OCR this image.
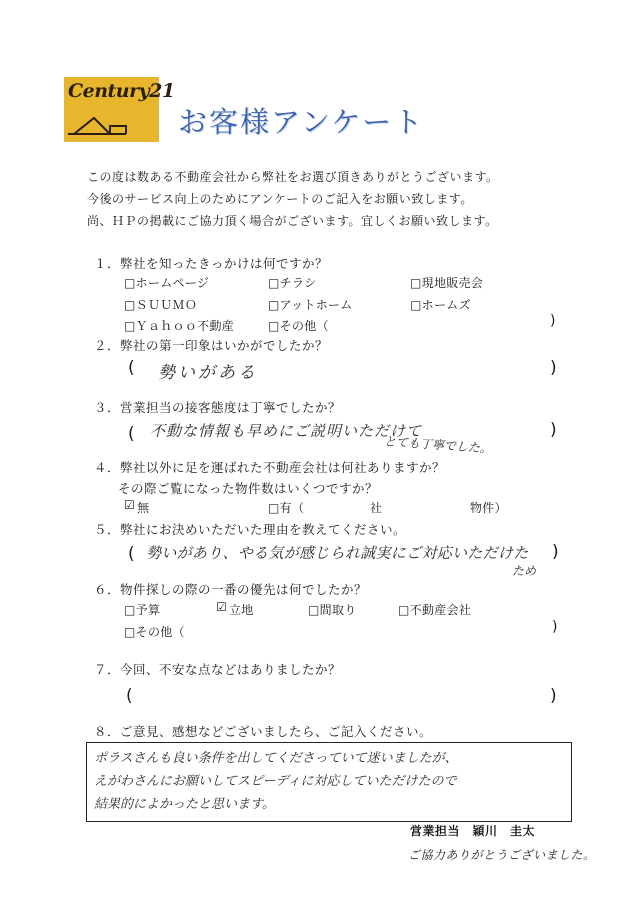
Century21
お客様アンケート
この度は数ある不動産会社から弊社をお選び頂きありがとうございます。
今後のサービス向上のためにアンケートのご記入をお願い致します。
尚、ＨＰの掲載にご協力頂く場合がございます。宜しくお願い致します。
１．弊社を知ったきっかけは何ですか？
□ホームページ	□チラシ	□現地販売会
□ＳＵＵＭＯ	□アットホーム	□ホームズ
□Ｙａｈｏｏ不動産	□その他（	)
２．弊社の第一印象はいかがでしたか？
( 勢いがある	)
３．営業担当の接客態度は丁寧でしたか？
( 不動な情報も早めにご説明いただけて
とても丁寧でした。
)
４．弊社以外に足を運ばれた不動産会社は何社ありますか？
その際ご覧になった物件数はいくつですか？
☑ 無	□有（	社	物件）
５．弊社にお決めいただいた理由を教えてください。
( 勢いがあり、やる気が感じられ誠実にご対応いただけた
ため
)
６．物件探しの際の一番の優先は何でしたか？
□予算	☑ 立地	□間取り	□不動産会社
□その他（	)
７．今回、不安な点などはありましたか？
(	)
８．ご意見、感想などございましたら、ご記入ください。
ポラスさんも良い条件を出してくださっていて迷いましたが、
えがわさんにお願いしてスピーディに対応していただけたので
結果的によかったと思います。
営業担当　穎川　圭太
ご協力ありがとうございました。
